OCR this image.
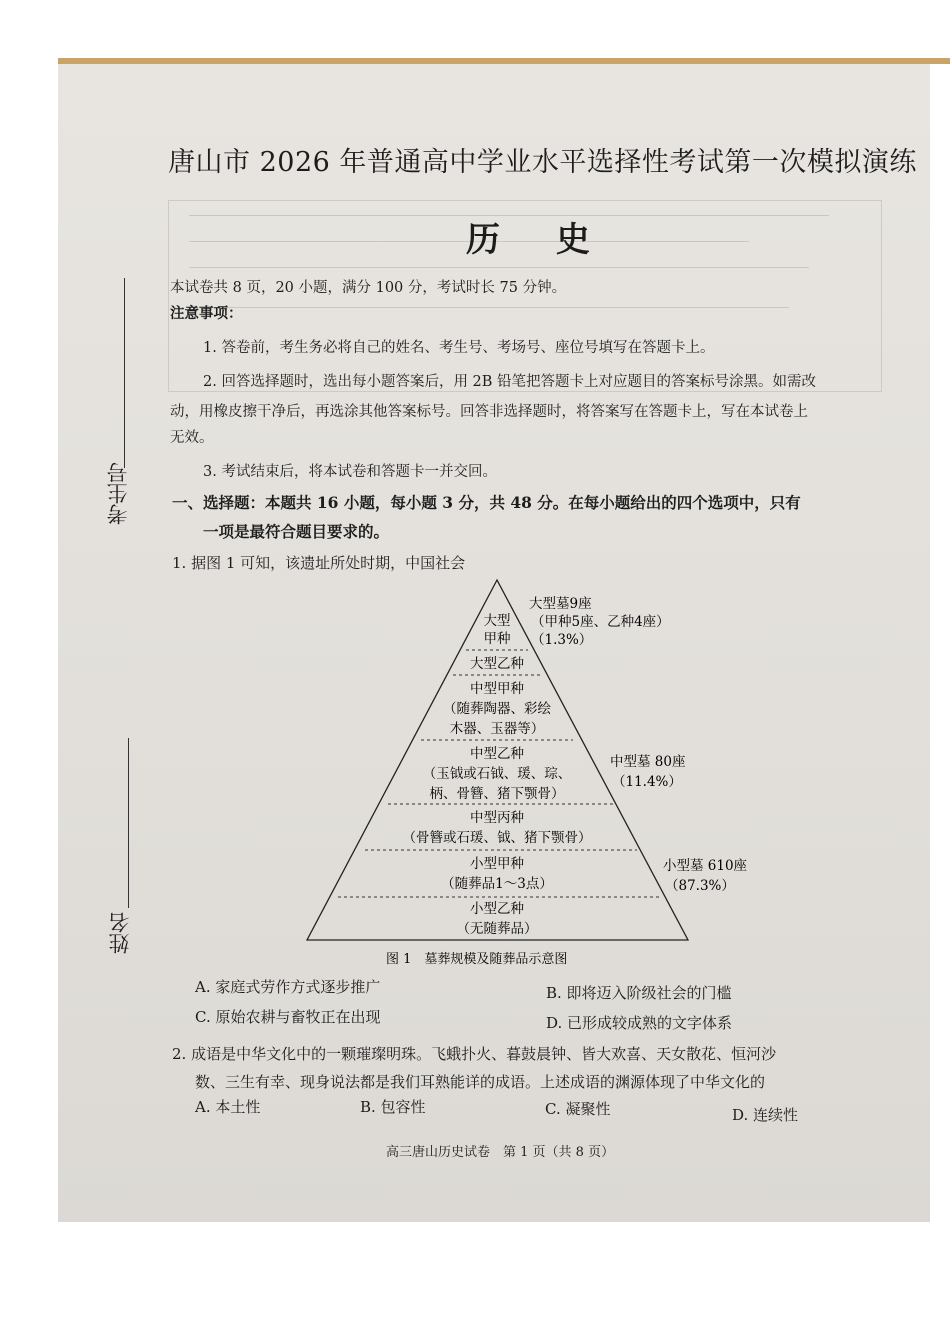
唐山市 2026 年普通高中学业水平选择性考试第一次模拟演练
历 史
考生号
姓名
本试卷共 8 页，20 小题，满分 100 分，考试时长 75 分钟。
注意事项：
1. 答卷前，考生务必将自己的姓名、考生号、考场号、座位号填写在答题卡上。
2. 回答选择题时，选出每小题答案后，用 2B 铅笔把答题卡上对应题目的答案标号涂黑。如需改
动，用橡皮擦干净后，再选涂其他答案标号。回答非选择题时，将答案写在答题卡上，写在本试卷上
无效。
3. 考试结束后，将本试卷和答题卡一并交回。
一、选择题：本题共 16 小题，每小题 3 分，共 48 分。在每小题给出的四个选项中，只有
一项是最符合题目要求的。
1. 据图 1 可知，该遗址所处时期，中国社会
大型
甲种
大型乙种
中型甲种
（随葬陶器、彩绘
木器、玉器等）
中型乙种
（玉钺或石钺、瑗、琮、
柄、骨簪、猪下颚骨）
中型丙种
（骨簪或石瑗、钺、猪下颚骨）
小型甲种
（随葬品1～3点）
小型乙种
（无随葬品）
大型墓9座
（甲种5座、乙种4座）
（1.3%）
中型墓 80座
（11.4%）
小型墓 610座
（87.3%）
图 1　墓葬规模及随葬品示意图
A. 家庭式劳作方式逐步推广	B. 即将迈入阶级社会的门槛
C. 原始农耕与畜牧正在出现	D. 已形成较成熟的文字体系
2. 成语是中华文化中的一颗璀璨明珠。飞蛾扑火、暮鼓晨钟、皆大欢喜、天女散花、恒河沙
数、三生有幸、现身说法都是我们耳熟能详的成语。上述成语的渊源体现了中华文化的
A. 本土性	B. 包容性	C. 凝聚性	D. 连续性
高三唐山历史试卷　第 1 页（共 8 页）
